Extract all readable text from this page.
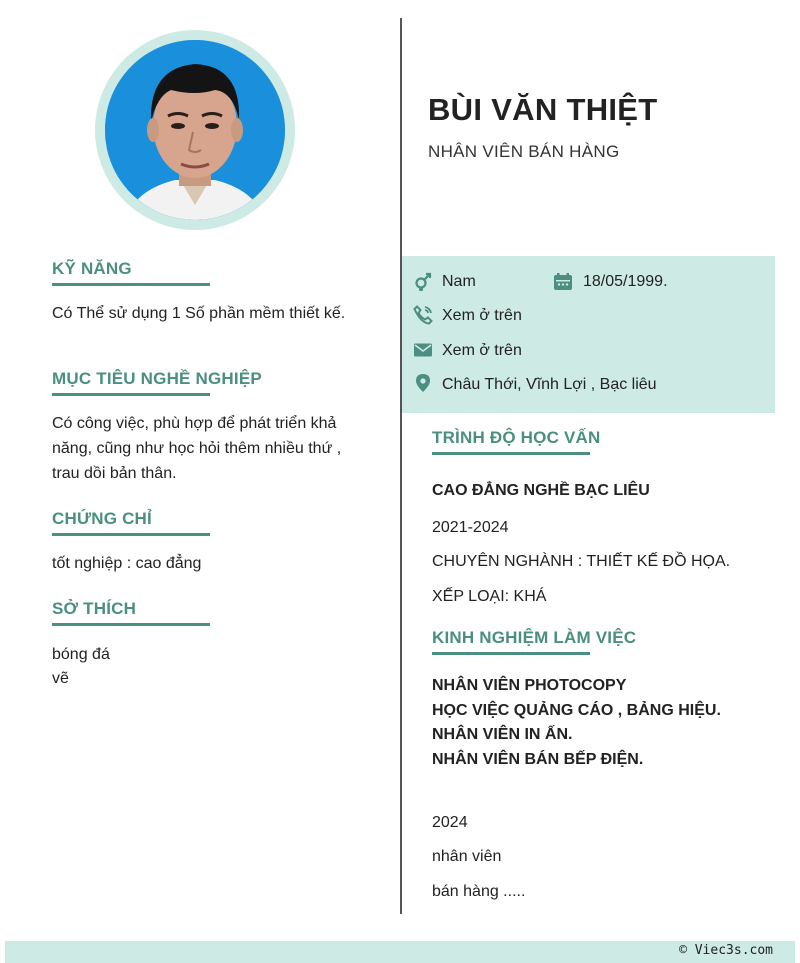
KỸ NĂNG
Có Thể sử dụng 1 Số phần mềm thiết kế.
MỤC TIÊU NGHỀ NGHIỆP
Có công việc, phù hợp để phát triển khả năng, cũng như học hỏi thêm nhiều thứ , trau dồi bản thân.
CHỨNG CHỈ
tốt nghiệp : cao đẳng
SỞ THÍCH
bóng đá
vẽ
BÙI VĂN THIỆT
NHÂN VIÊN BÁN HÀNG
Nam	18/05/1999.
Xem ở trên
Xem ở trên
Châu Thới, Vĩnh Lợi , Bạc liêu
TRÌNH ĐỘ HỌC VẤN
CAO ĐẲNG NGHỀ BẠC LIÊU
2021-2024
CHUYÊN NGHÀNH : THIẾT KẾ ĐỒ HỌA.
XẾP LOẠI: KHÁ
KINH NGHIỆM LÀM VIỆC
NHÂN VIÊN PHOTOCOPY
HỌC VIỆC QUẢNG CÁO , BẢNG HIỆU.
NHÂN VIÊN IN ẤN.
NHÂN VIÊN BÁN BẾP ĐIỆN.
2024
nhân viên
bán hàng .....
© Viec3s.com
